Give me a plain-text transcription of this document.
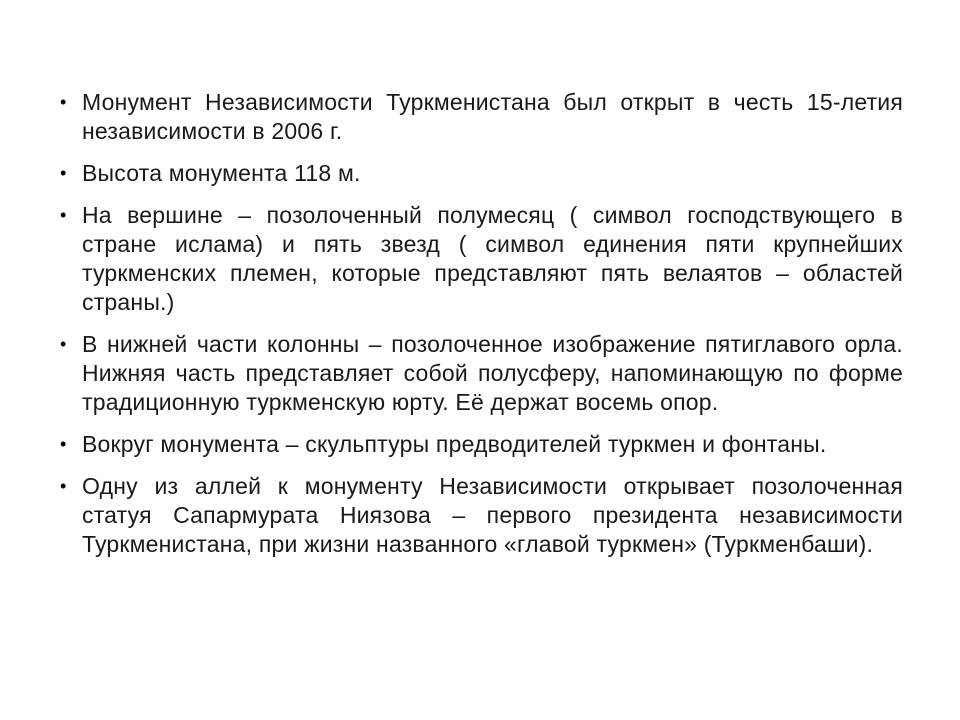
• Монумент Независимости Туркменистана был открыт в честь 15-летия независимости в 2006 г.
• Высота монумента 118 м.
• На вершине – позолоченный полумесяц ( символ господствующего в стране ислама) и пять звезд ( символ единения пяти крупнейших туркменских племен, которые представляют пять велаятов – областей страны.)
• В нижней части колонны – позолоченное изображение пятиглавого орла. Нижняя часть представляет собой полусферу, напоминающую по форме традиционную туркменскую юрту. Её держат восемь опор.
• Вокруг монумента – скульптуры предводителей туркмен и фонтаны.
• Одну из аллей к монументу Независимости открывает позолоченная статуя Сапармурата Ниязова – первого президента независимости Туркменистана, при жизни названного «главой туркмен» (Туркменбаши).
